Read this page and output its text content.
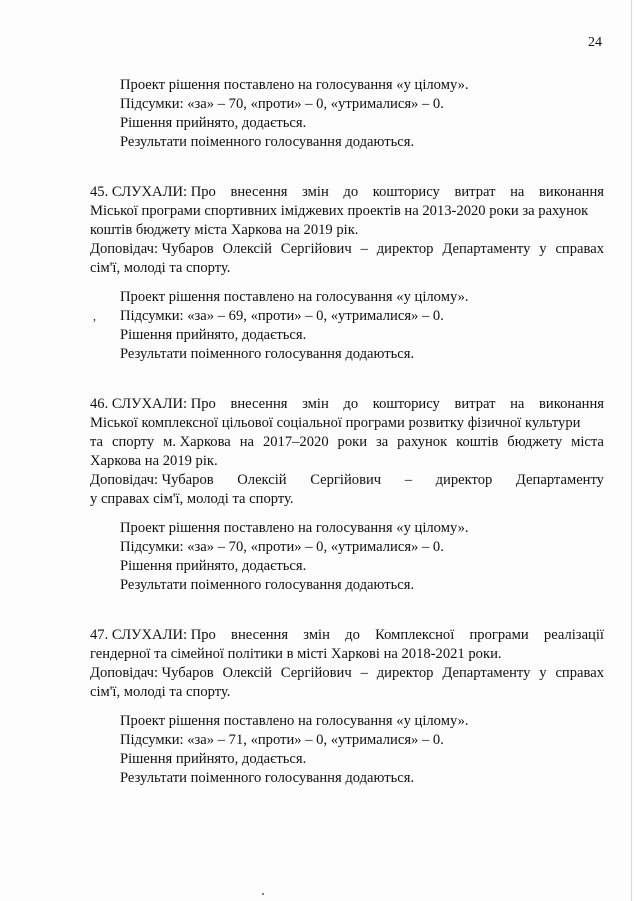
24
Проект рішення поставлено на голосування «у цілому».
Підсумки: «за» – 70, «проти» – 0, «утрималися» – 0.
Рішення прийнято, додається.
Результати поіменного голосування додаються.
45. СЛУХАЛИ: Про внесення змін до кошторису витрат на виконання
Міської програми спортивних іміджевих проектів на 2013-2020 роки за рахунок
коштів бюджету міста Харкова на 2019 рік.
Доповідач: Чубаров Олексій Сергійович – директор Департаменту у справах
сім'ї, молоді та спорту.
Проект рішення поставлено на голосування «у цілому».
, Підсумки: «за» – 69, «проти» – 0, «утрималися» – 0.
Рішення прийнято, додається.
Результати поіменного голосування додаються.
46. СЛУХАЛИ: Про внесення змін до кошторису витрат на виконання
Міської комплексної цільової соціальної програми розвитку фізичної культури
та спорту м. Харкова на 2017–2020 роки за рахунок коштів бюджету міста
Харкова на 2019 рік.
Доповідач: Чубаров Олексій Сергійович – директор Департаменту
у справах сім'ї, молоді та спорту.
Проект рішення поставлено на голосування «у цілому».
Підсумки: «за» – 70, «проти» – 0, «утрималися» – 0.
Рішення прийнято, додається.
Результати поіменного голосування додаються.
47. СЛУХАЛИ: Про внесення змін до Комплексної програми реалізації
гендерної та сімейної політики в місті Харкові на 2018-2021 роки.
Доповідач: Чубаров Олексій Сергійович – директор Департаменту у справах
сім'ї, молоді та спорту.
Проект рішення поставлено на голосування «у цілому».
Підсумки: «за» – 71, «проти» – 0, «утрималися» – 0.
Рішення прийнято, додається.
Результати поіменного голосування додаються.
